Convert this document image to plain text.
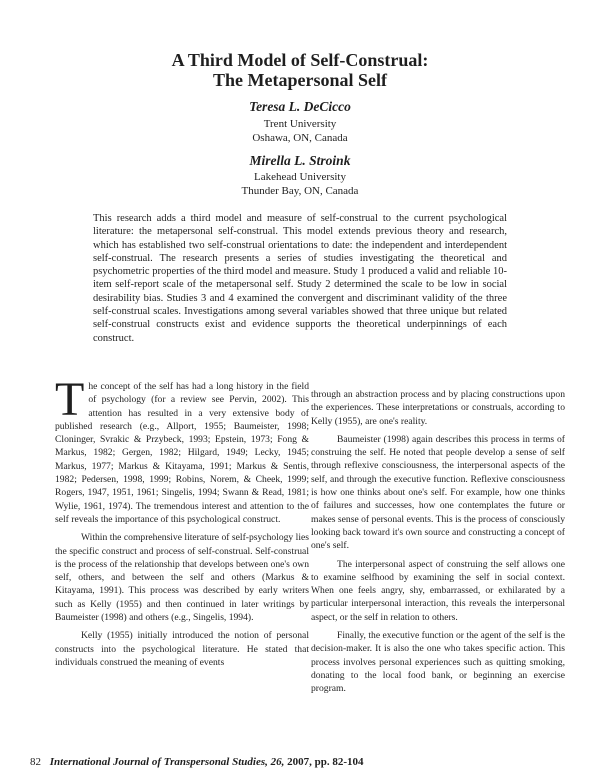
A Third Model of Self-Construal:
The Metapersonal Self
Teresa L. DeCicco
Trent University
Oshawa, ON, Canada
Mirella L. Stroink
Lakehead University
Thunder Bay, ON, Canada

This research adds a third model and measure of self-construal to the current psychological literature: the metapersonal self-construal. This model extends previous theory and research, which has established two self-construal orientations to date: the independent and interdependent self-construal. The research presents a series of studies investigating the theoretical and psychometric properties of the third model and measure. Study 1 produced a valid and reliable 10-item self-report scale of the metapersonal self. Study 2 determined the scale to be low in social desirability bias. Studies 3 and 4 examined the convergent and discriminant validity of the three self-construal scales. Investigations among several variables showed that three unique but related self-construal constructs exist and evidence supports the theoretical underpinnings of each construct.

The concept of the self has had a long history in the field of psychology (for a review see Pervin, 2002). This attention has resulted in a very extensive body of published research (e.g., Allport, 1955; Baumeister, 1998; Cloninger, Svrakic & Przybeck, 1993; Epstein, 1973; Fong & Markus, 1982; Gergen, 1982; Hilgard, 1949; Lecky, 1945; Markus, 1977; Markus & Kitayama, 1991; Markus & Sentis, 1982; Pedersen, 1998, 1999; Robins, Norem, & Cheek, 1999; Rogers, 1947, 1951, 1961; Singelis, 1994; Swann & Read, 1981; Wylie, 1961, 1974). The tremendous interest and attention to the self reveals the importance of this psychological construct.

Within the comprehensive literature of self-psychology lies the specific construct and process of self-construal. Self-construal is the process of the relationship that develops between one's own self, others, and between the self and others (Markus & Kitayama, 1991). This process was described by early writers such as Kelly (1955) and then continued in later writings by Baumeister (1998) and others (e.g., Singelis, 1994).

Kelly (1955) initially introduced the notion of personal constructs into the psychological literature. He stated that individuals construed the meaning of events

through an abstraction process and by placing constructions upon the experiences. These interpretations or construals, according to Kelly (1955), are one's reality.

Baumeister (1998) again describes this process in terms of construing the self. He noted that people develop a sense of self through reflexive consciousness, the interpersonal aspects of the self, and through the executive function. Reflexive consciousness is how one thinks about one's self. For example, how one thinks of failures and successes, how one contemplates the future or makes sense of personal events. This is the process of consciously looking back toward it's own source and constructing a concept of one's self.

The interpersonal aspect of construing the self allows one to examine selfhood by examining the self in social context. When one feels angry, shy, embarrassed, or exhilarated by a particular interpersonal interaction, this reveals the interpersonal aspect, or the self in relation to others.

Finally, the executive function or the agent of the self is the decision-maker. It is also the one who takes specific action. This process involves personal experiences such as quitting smoking, donating to the local food bank, or beginning an exercise program.

82 International Journal of Transpersonal Studies, 26, 2007, pp. 82-104
